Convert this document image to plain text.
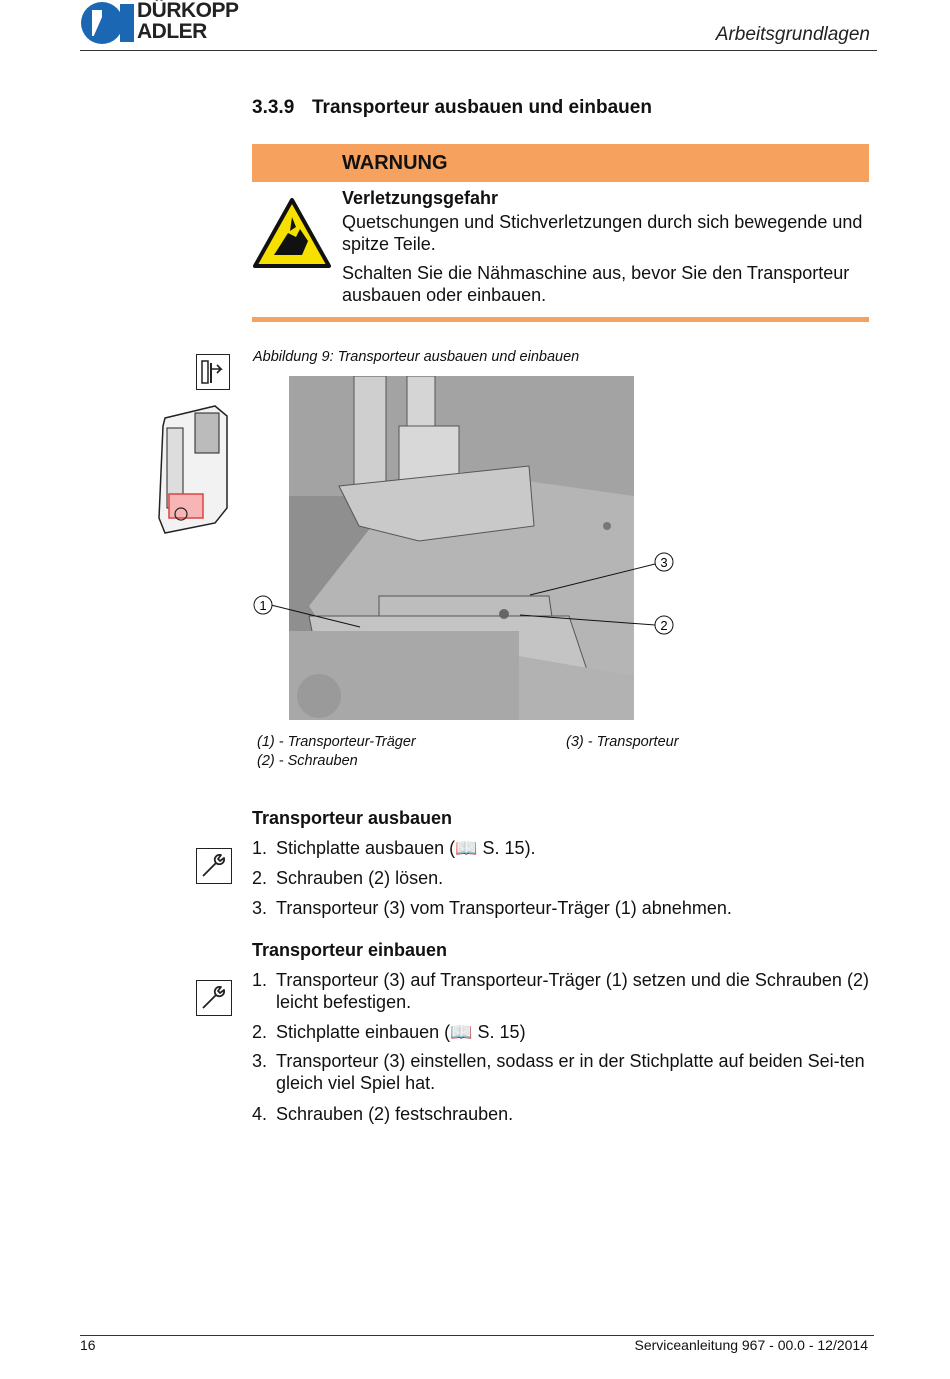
DÜRKOPP
ADLER	Arbeitsgrundlagen
3.3.9 Transporteur ausbauen und einbauen
WARNUNG
Verletzungsgefahr
Quetschungen und Stichverletzungen durch sich bewegende und spitze Teile.
Schalten Sie die Nähmaschine aus, bevor Sie den Transporteur ausbauen oder einbauen.
Abbildung 9: Transporteur ausbauen und einbauen
1
3
2
(1) - Transporteur-Träger
(2) - Schrauben
(3) - Transporteur
Transporteur ausbauen
1. Stichplatte ausbauen (📖 S. 15).
2. Schrauben (2) lösen.
3. Transporteur (3) vom Transporteur-Träger (1) abnehmen.
Transporteur einbauen
1. Transporteur (3) auf Transporteur-Träger (1) setzen und die Schrauben (2) leicht befestigen.
2. Stichplatte einbauen (📖 S. 15)
3. Transporteur (3) einstellen, sodass er in der Stichplatte auf beiden Sei-ten gleich viel Spiel hat.
4. Schrauben (2) festschrauben.
16	Serviceanleitung 967 - 00.0 - 12/2014
